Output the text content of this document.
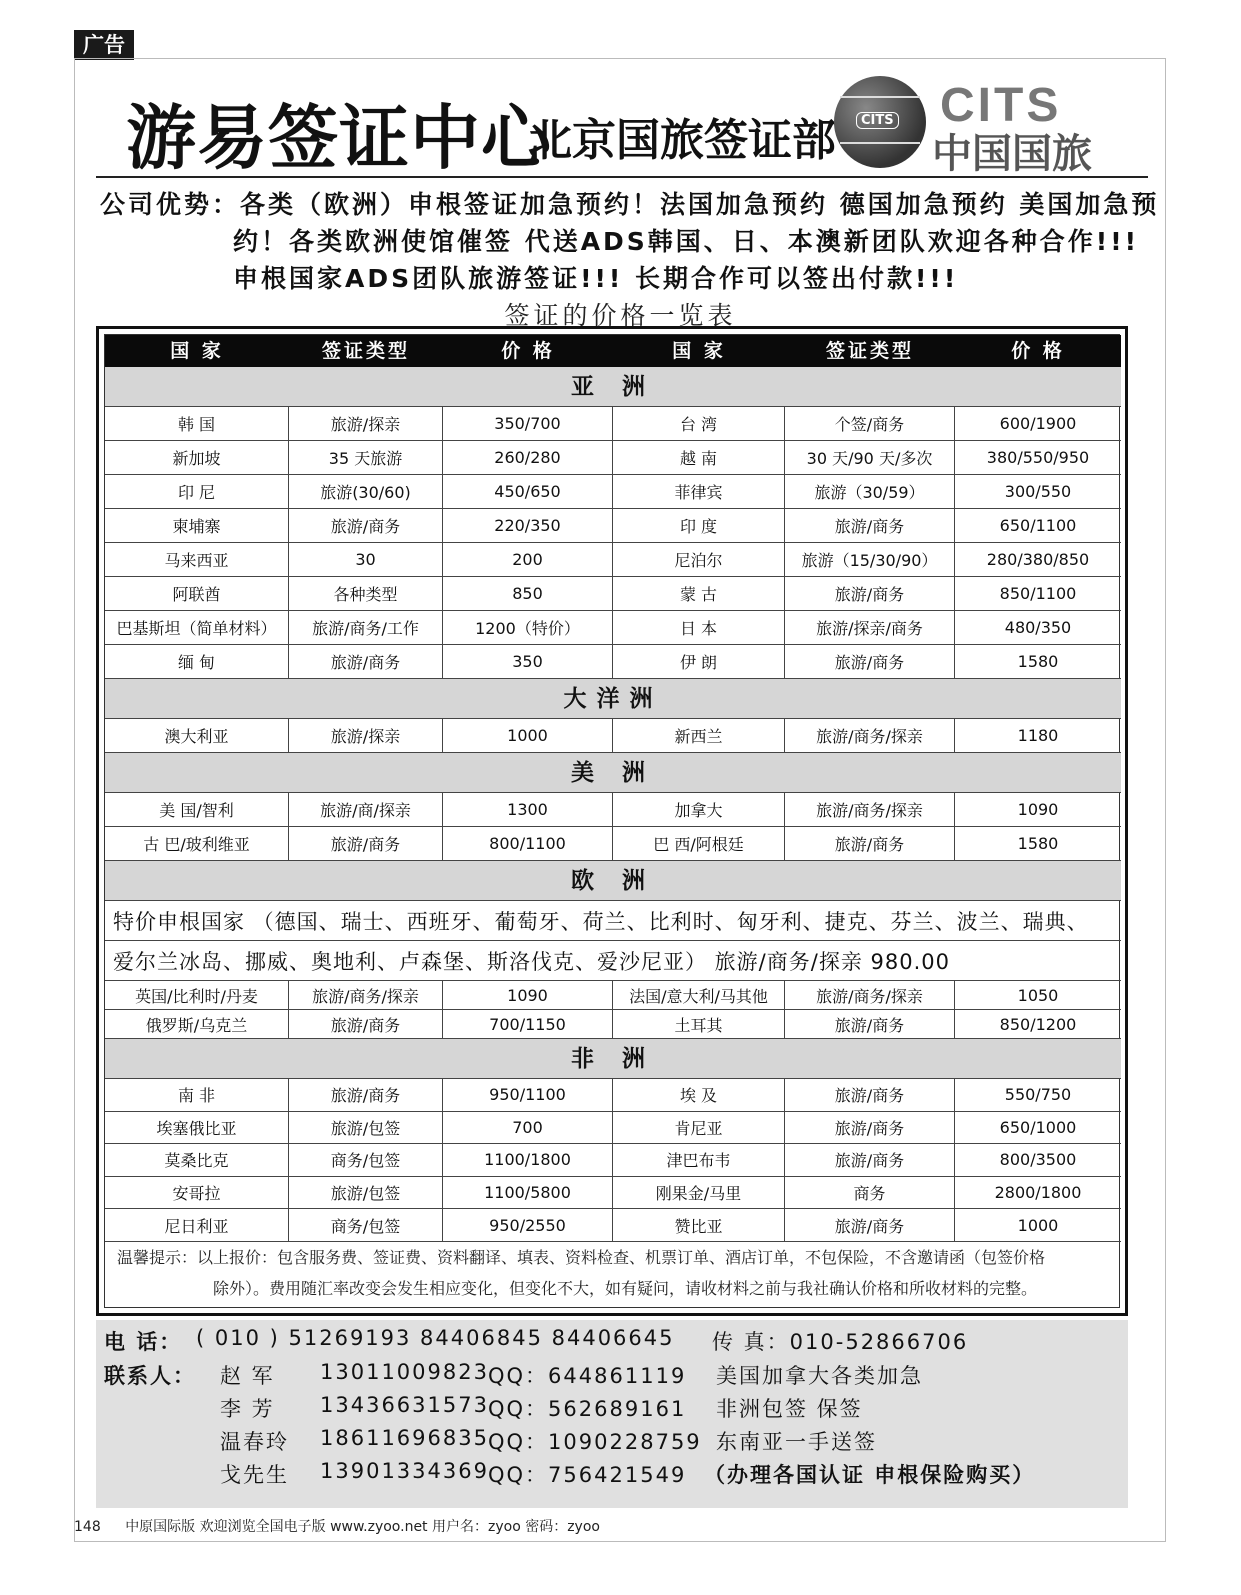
广告
游易签证中心
北京国旅签证部	CITS CITS
中国国旅
公司优势：各类（欧洲）申根签证加急预约！法国加急预约 德国加急预约 美国加急预
约！各类欧洲使馆催签 代送ADS韩国、日、本澳新团队欢迎各种合作!!!
申根国家ADS团队旅游签证!!! 长期合作可以签出付款!!!
签证的价格一览表
国 家	签证类型	价 格	国 家	签证类型	价 格
温馨提示：以上报价：包含服务费、签证费、资料翻译、填表、资料检查、机票订单、酒店订单，不包保险，不含邀请函（包签价格
除外）。费用随汇率改变会发生相应变化，但变化不大，如有疑问，请收材料之前与我社确认价格和所收材料的完整。
亚 洲
韩 国	旅游/探亲	350/700	台 湾	个签/商务	600/1900
新加坡	35 天旅游	260/280	越 南	30 天/90 天/多次	380/550/950
印 尼	旅游(30/60)	450/650	菲律宾	旅游（30/59）	300/550
柬埔寨	旅游/商务	220/350	印 度	旅游/商务	650/1100
马来西亚	30	200	尼泊尔	旅游（15/30/90）	280/380/850
阿联酋	各种类型	850	蒙 古	旅游/商务	850/1100
巴基斯坦（简单材料）	旅游/商务/工作	1200（特价）	日 本	旅游/探亲/商务	480/350
缅 甸	旅游/商务	350	伊 朗	旅游/商务	1580
大洋洲
澳大利亚	旅游/探亲	1000	新西兰	旅游/商务/探亲	1180
美 洲
美 国/智利	旅游/商/探亲	1300	加拿大	旅游/商务/探亲	1090
古 巴/玻利维亚	旅游/商务	800/1100	巴 西/阿根廷	旅游/商务	1580
欧 洲
特价申根国家 （德国、瑞士、西班牙、葡萄牙、荷兰、比利时、匈牙利、捷克、芬兰、波兰、瑞典、
爱尔兰冰岛、挪威、奥地利、卢森堡、斯洛伐克、爱沙尼亚） 旅游/商务/探亲 980.00
英国/比利时/丹麦	旅游/商务/探亲	1090	法国/意大利/马其他	旅游/商务/探亲	1050
俄罗斯/乌克兰	旅游/商务	700/1150	土耳其	旅游/商务	850/1200
非 洲
南 非	旅游/商务	950/1100	埃 及	旅游/商务	550/750
埃塞俄比亚	旅游/包签	700	肯尼亚	旅游/商务	650/1000
莫桑比克	商务/包签	1100/1800	津巴布韦	旅游/商务	800/3500
安哥拉	旅游/包签	1100/5800	刚果金/马里	商务	2800/1800
尼日利亚	商务/包签	950/2550	赞比亚	旅游/商务	1000
电 话： ( 010 ) 51269193 84406845 84406645 传 真：010-52866706
联系人： 赵 军 13011009823 QQ：644861119 美国加拿大各类加急
李 芳 13436631573 QQ：562689161 非洲包签 保签
温春玲 18611696835 QQ：1090228759 东南亚一手送签
戈先生 13901334369 QQ：756421549 （办理各国认证 申根保险购买）
148 中原国际版 欢迎浏览全国电子版 www.zyoo.net 用户名：zyoo 密码：zyoo
